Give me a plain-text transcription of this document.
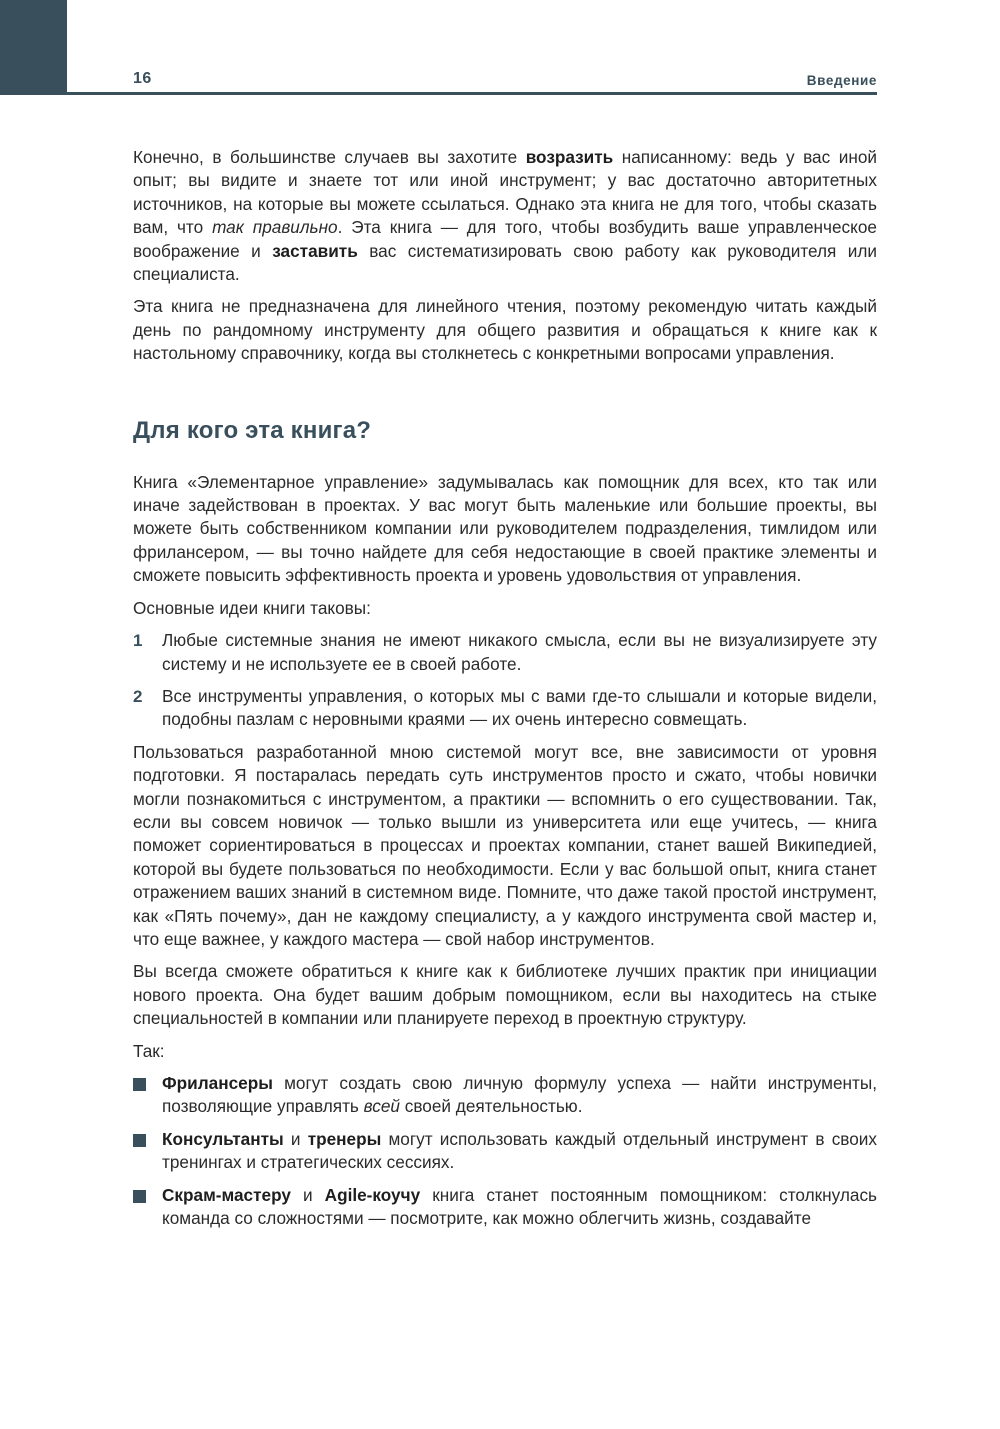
16	Введение

Конечно, в большинстве случаев вы захотите возразить написанному: ведь у вас иной опыт; вы видите и знаете тот или иной инструмент; у вас достаточно авторитетных источников, на которые вы можете ссылаться. Однако эта книга не для того, чтобы сказать вам, что так правильно. Эта книга — для того, чтобы возбудить ваше управленческое воображение и заставить вас систематизировать свою работу как руководителя или специалиста.

Эта книга не предназначена для линейного чтения, поэтому рекомендую читать каждый день по рандомному инструменту для общего развития и обращаться к книге как к настольному справочнику, когда вы столкнетесь с конкретными вопросами управления.

Для кого эта книга?

Книга «Элементарное управление» задумывалась как помощник для всех, кто так или иначе задействован в проектах. У вас могут быть маленькие или большие проекты, вы можете быть собственником компании или руководителем подразделения, тимлидом или фрилансером, — вы точно найдете для себя недостающие в своей практике элементы и сможете повысить эффективность проекта и уровень удовольствия от управления.

Основные идеи книги таковы:

1 Любые системные знания не имеют никакого смысла, если вы не визуализируете эту систему и не используете ее в своей работе.
2 Все инструменты управления, о которых мы с вами где-то слышали и которые видели, подобны пазлам с неровными краями — их очень интересно совмещать.

Пользоваться разработанной мною системой могут все, вне зависимости от уровня подготовки. Я постаралась передать суть инструментов просто и сжато, чтобы новички могли познакомиться с инструментом, а практики — вспомнить о его существовании. Так, если вы совсем новичок — только вышли из университета или еще учитесь, — книга поможет сориентироваться в процессах и проектах компании, станет вашей Википедией, которой вы будете пользоваться по необходимости. Если у вас большой опыт, книга станет отражением ваших знаний в системном виде. Помните, что даже такой простой инструмент, как «Пять почему», дан не каждому специалисту, а у каждого инструмента свой мастер и, что еще важнее, у каждого мастера — свой набор инструментов.

Вы всегда сможете обратиться к книге как к библиотеке лучших практик при инициации нового проекта. Она будет вашим добрым помощником, если вы находитесь на стыке специальностей в компании или планируете переход в проектную структуру.

Так:

Фрилансеры могут создать свою личную формулу успеха — найти инструменты, позволяющие управлять всей своей деятельностью.
Консультанты и тренеры могут использовать каждый отдельный инструмент в своих тренингах и стратегических сессиях.
Скрам-мастеру и Agile-коучу книга станет постоянным помощником: столкнулась команда со сложностями — посмотрите, как можно облегчить жизнь, создавайте
